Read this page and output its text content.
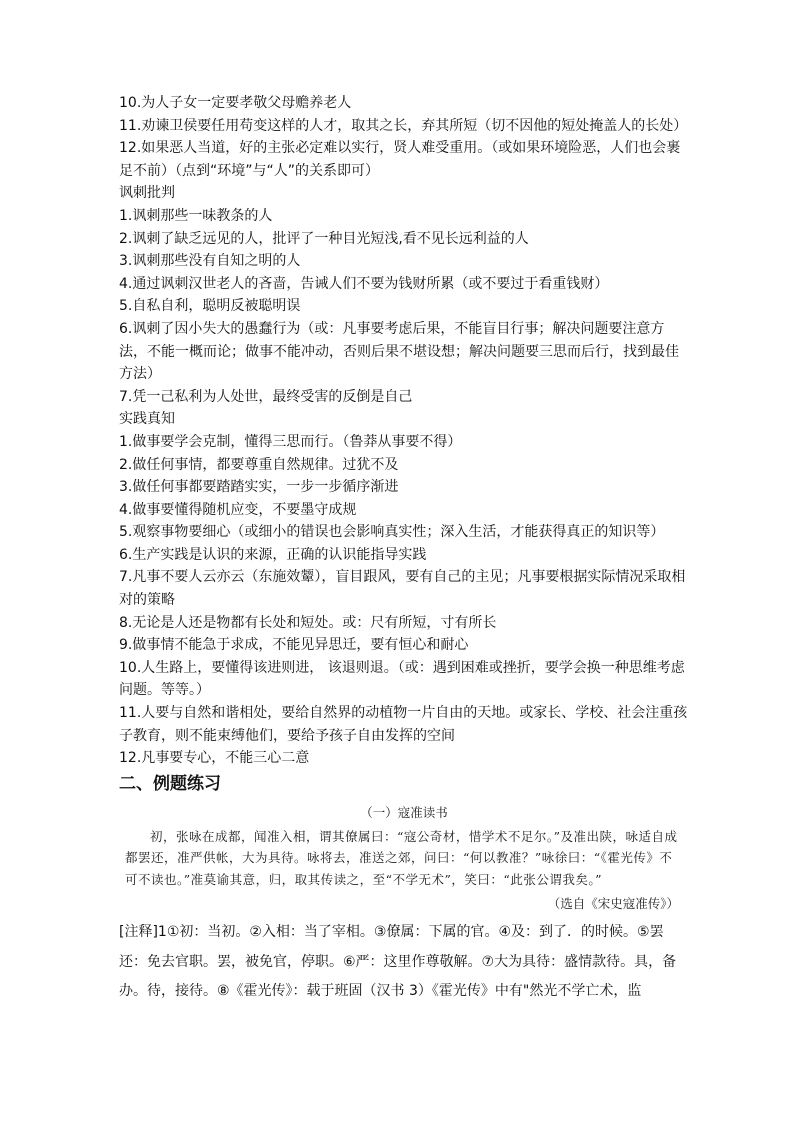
10.为人子女一定要孝敬父母赡养老人

11.劝谏卫侯要任用苟变这样的人才，取其之长，弃其所短（切不因他的短处掩盖人的长处）

12.如果恶人当道，好的主张必定难以实行，贤人难受重用。（或如果环境险恶，人们也会裹足不前）（点到“环境”与“人”的关系即可）

讽刺批判

1.讽刺那些一味教条的人

2.讽刺了缺乏远见的人，批评了一种目光短浅,看不见长远利益的人

3.讽刺那些没有自知之明的人

4.通过讽刺汉世老人的吝啬，告诫人们不要为钱财所累（或不要过于看重钱财）

5.自私自利，聪明反被聪明误

6.讽刺了因小失大的愚蠢行为（或：凡事要考虑后果，不能盲目行事；解决问题要注意方法，不能一概而论；做事不能冲动，否则后果不堪设想；解决问题要三思而后行，找到最佳方法）

7.凭一己私利为人处世，最终受害的反倒是自己

实践真知

1.做事要学会克制，懂得三思而行。（鲁莽从事要不得）

2.做任何事情，都要尊重自然规律。过犹不及

3.做任何事都要踏踏实实，一步一步循序渐进

4.做事要懂得随机应变，不要墨守成规

5.观察事物要细心（或细小的错误也会影响真实性；深入生活，才能获得真正的知识等）

6.生产实践是认识的来源，正确的认识能指导实践

7.凡事不要人云亦云（东施效颦），盲目跟风，要有自己的主见；凡事要根据实际情况采取相对的策略

8.无论是人还是物都有长处和短处。或：尺有所短，寸有所长

9.做事情不能急于求成，不能见异思迁，要有恒心和耐心

10.人生路上，要懂得该进则进， 该退则退。（或：遇到困难或挫折，要学会换一种思维考虑问题。等等。）

11.人要与自然和谐相处，要给自然界的动植物一片自由的天地。或家长、学校、社会注重孩子教育，则不能束缚他们，要给予孩子自由发挥的空间

12.凡事要专心，不能三心二意

二、例题练习

（一）寇准读书

初，张咏在成都，闻准入相，谓其僚属曰：“寇公奇材，惜学术不足尔。”及准出陕，咏适自成都罢还，准严供帐，大为具待。咏将去，准送之郊，问曰：“何以教准？”咏徐曰：“《霍光传》不可不读也。”准莫谕其意，归，取其传读之，至“不学无术”，笑曰：“此张公谓我矣。”

（选自《宋史寇准传》）

[注释]1①初：当初。②入相：当了宰相。③僚属：下属的官。④及：到了．的时候。⑤罢还：免去官职。罢，被免官，停职。⑥严：这里作尊敬解。⑦大为具待：盛情款待。具，备办。待，接待。⑧《霍光传》：载于班固（汉书 3）《霍光传》中有"然光不学亡术，监
